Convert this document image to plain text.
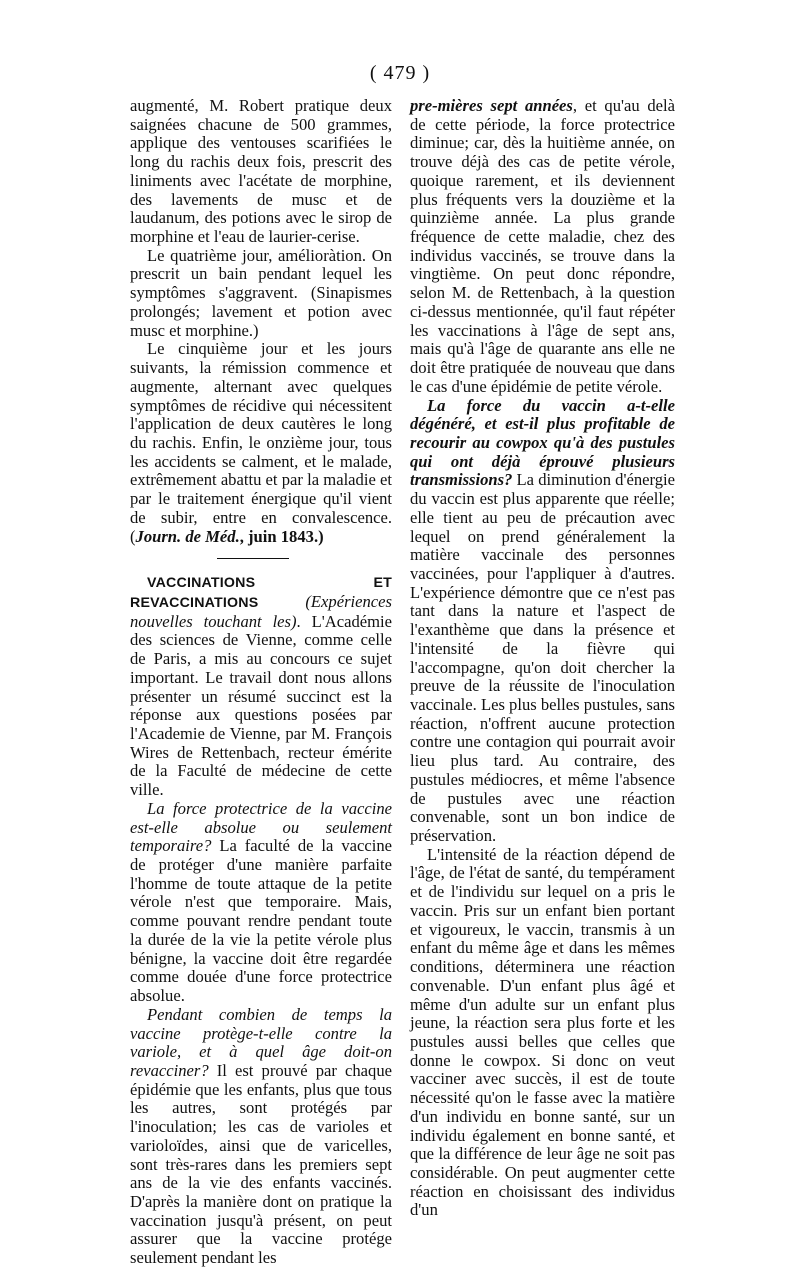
( 479 )

augmenté, M. Robert pratique deux saignées chacune de 500 grammes, applique des ventouses scarifiées le long du rachis deux fois, prescrit des liniments avec l'acétate de morphine, des lavements de musc et de laudanum, des potions avec le sirop de morphine et l'eau de laurier-cerise.

Le quatrième jour, amélioràtion. On prescrit un bain pendant lequel les symptômes s'aggravent. (Sinapismes prolongés; lavement et potion avec musc et morphine.)

Le cinquième jour et les jours suivants, la rémission commence et augmente, alternant avec quelques symptômes de récidive qui nécessitent l'application de deux cautères le long du rachis. Enfin, le onzième jour, tous les accidents se calment, et le malade, extrêmement abattu et par la maladie et par le traitement énergique qu'il vient de subir, entre en convalescence. (Journ. de Méd., juin 1843.)

VACCINATIONS ET REVACCINATIONS	(Expériences nouvelles touchant les). L'Académie des sciences de Vienne, comme celle de Paris, a mis au concours ce sujet important. Le travail dont nous allons présenter un résumé succinct est la réponse aux questions posées par l'Academie de Vienne, par M. François Wires de Rettenbach, recteur émérite de la Faculté de médecine de cette ville.

La force protectrice de la vaccine est-elle absolue ou seulement temporaire? La faculté de la vaccine de protéger d'une manière parfaite l'homme de toute attaque de la petite vérole n'est que temporaire. Mais, comme pouvant rendre pendant toute la durée de la vie la petite vérole plus bénigne, la vaccine doit être regardée comme douée d'une force protectrice absolue.

Pendant combien de temps la vaccine protège-t-elle contre la variole, et à quel âge doit-on revacciner? Il est prouvé par chaque épidémie que les enfants, plus que tous les autres, sont protégés par l'inoculation; les cas de varioles et varioloïdes, ainsi que de varicelles, sont très-rares dans les premiers sept ans de la vie des enfants vaccinés. D'après la manière dont on pratique la vaccination jusqu'à présent, on peut assurer que la vaccine protége seulement pendant les

pre-mières sept années, et qu'au delà de cette période, la force protectrice diminue; car, dès la huitième année, on trouve déjà des cas de petite vérole, quoique rarement, et ils deviennent plus fréquents vers la douzième et la quinzième année. La plus grande fréquence de cette maladie, chez des individus vaccinés, se trouve dans la vingtième. On peut donc répondre, selon M. de Rettenbach, à la question ci-dessus mentionnée, qu'il faut répéter les vaccinations à l'âge de sept ans, mais qu'à l'âge de quarante ans elle ne doit être pratiquée de nouveau que dans le cas d'une épidémie de petite vérole.

La force du vaccin a-t-elle dégénéré, et est-il plus profitable de recourir au cowpox qu'à des pustules qui ont déjà éprouvé plusieurs transmissions? La diminution d'énergie du vaccin est plus apparente que réelle; elle tient au peu de précaution avec lequel on prend généralement la matière vaccinale des personnes vaccinées, pour l'appliquer à d'autres. L'expérience démontre que ce n'est pas tant dans la nature et l'aspect de l'exanthème que dans la présence et l'intensité de la fièvre qui l'accompagne, qu'on doit chercher la preuve de la réussite de l'inoculation vaccinale. Les plus belles pustules, sans réaction, n'offrent aucune protection contre une contagion qui pourrait avoir lieu plus tard. Au contraire, des pustules médiocres, et même l'absence de pustules avec une réaction convenable, sont un bon indice de préservation.

L'intensité de la réaction dépend de l'âge, de l'état de santé, du tempérament et de l'individu sur lequel on a pris le vaccin. Pris sur un enfant bien portant et vigoureux, le vaccin, transmis à un enfant du même âge et dans les mêmes conditions, déterminera une réaction convenable. D'un enfant plus âgé et même d'un adulte sur un enfant plus jeune, la réaction sera plus forte et les pustules aussi belles que celles que donne le cowpox. Si donc on veut vacciner avec succès, il est de toute nécessité qu'on le fasse avec la matière d'un individu en bonne santé, sur un individu également en bonne santé, et que la différence de leur âge ne soit pas considérable. On peut augmenter cette réaction en choisissant des individus d'un
